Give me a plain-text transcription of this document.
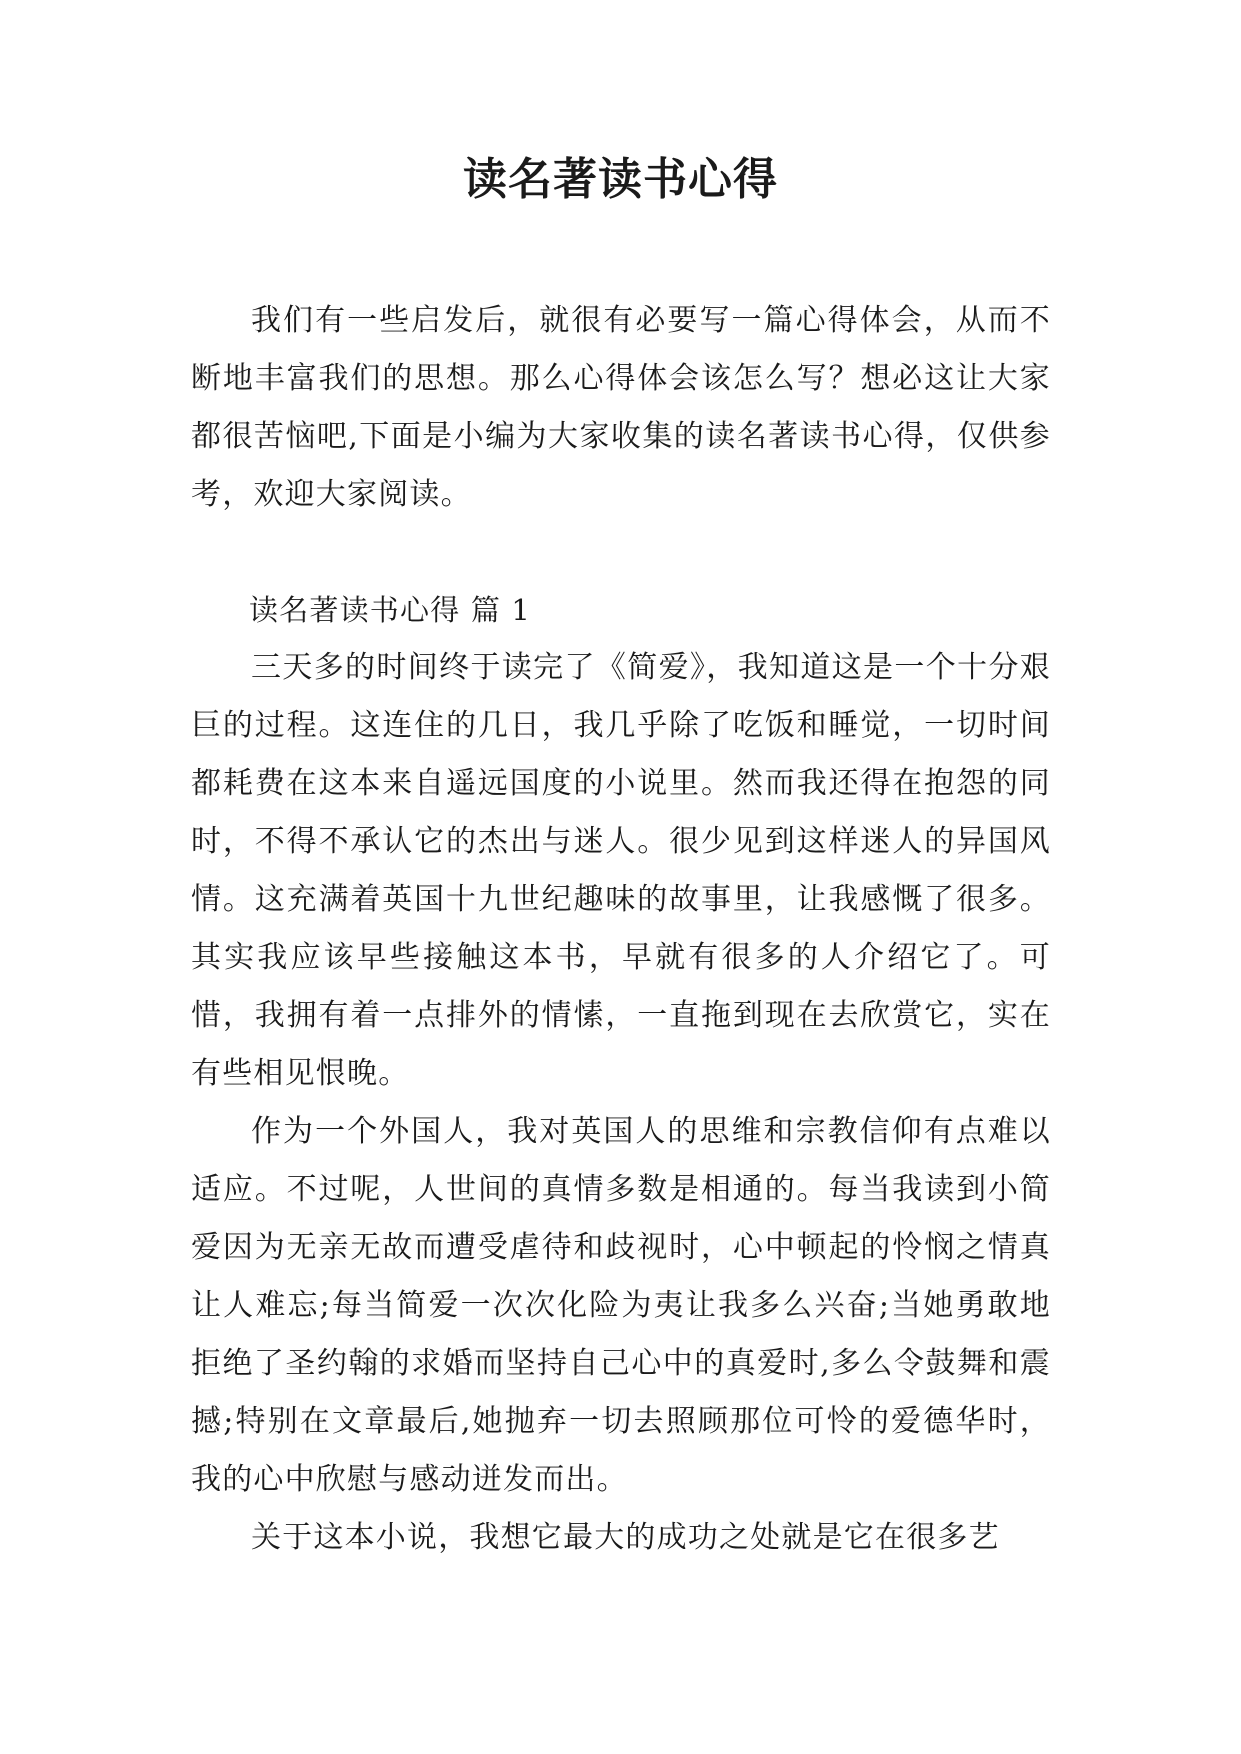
读名著读书心得

我们有一些启发后，就很有必要写一篇心得体会，从而不断地丰富我们的思想。那么心得体会该怎么写？想必这让大家都很苦恼吧,下面是小编为大家收集的读名著读书心得，仅供参考，欢迎大家阅读。

读名著读书心得 篇 1

三天多的时间终于读完了《简爱》，我知道这是一个十分艰巨的过程。这连住的几日，我几乎除了吃饭和睡觉，一切时间都耗费在这本来自遥远国度的小说里。然而我还得在抱怨的同时，不得不承认它的杰出与迷人。很少见到这样迷人的异国风情。这充满着英国十九世纪趣味的故事里，让我感慨了很多。其实我应该早些接触这本书，早就有很多的人介绍它了。可惜，我拥有着一点排外的情愫，一直拖到现在去欣赏它，实在有些相见恨晚。

作为一个外国人，我对英国人的思维和宗教信仰有点难以适应。不过呢，人世间的真情多数是相通的。每当我读到小简爱因为无亲无故而遭受虐待和歧视时，心中顿起的怜悯之情真让人难忘;每当简爱一次次化险为夷让我多么兴奋;当她勇敢地拒绝了圣约翰的求婚而坚持自己心中的真爱时,多么令鼓舞和震撼;特别在文章最后,她抛弃一切去照顾那位可怜的爱德华时，我的心中欣慰与感动迸发而出。

关于这本小说，我想它最大的成功之处就是它在很多艺
